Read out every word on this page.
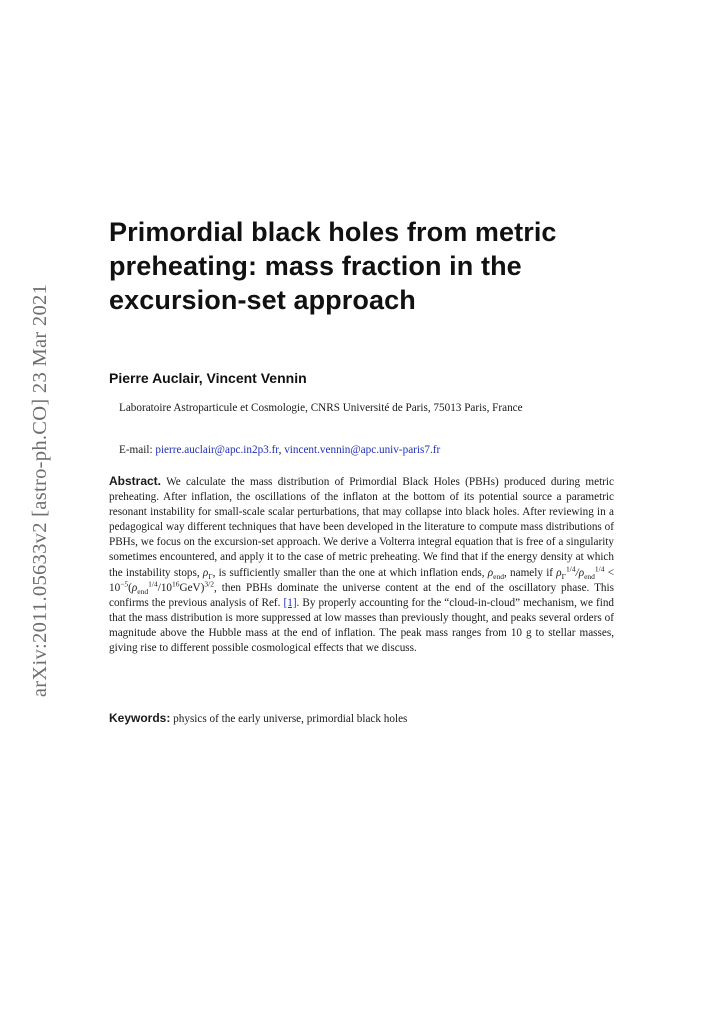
arXiv:2011.05633v2 [astro-ph.CO] 23 Mar 2021
Primordial black holes from metric
preheating: mass fraction in the
excursion-set approach
Pierre Auclair, Vincent Vennin
Laboratoire Astroparticule et Cosmologie, CNRS Université de Paris, 75013 Paris, France
E-mail: pierre.auclair@apc.in2p3.fr, vincent.vennin@apc.univ-paris7.fr

Abstract. We calculate the mass distribution of Primordial Black Holes (PBHs) produced during metric preheating. After inflation, the oscillations of the inflaton at the bottom of its potential source a parametric resonant instability for small-scale scalar perturbations, that may collapse into black holes. After reviewing in a pedagogical way different techniques that have been developed in the literature to compute mass distributions of PBHs, we focus on the excursion-set approach. We derive a Volterra integral equation that is free of a singularity sometimes encountered, and apply it to the case of metric preheating. We find that if the energy density at which the instability stops, $\rho_\Gamma$, is sufficiently smaller than the one at which inflation ends, $\rho_{end}$, namely if $\rho_\Gamma^{1/4}/\rho_{end}^{1/4} < 10^{-5}(\rho_{end}^{1/4}/10^{16}GeV)^{3/2}$, then PBHs dominate the universe content at the end of the oscillatory phase. This confirms the previous analysis of Ref. [1]. By properly accounting for the “cloud-in-cloud” mechanism, we find that the mass distribution is more suppressed at low masses than previously thought, and peaks several orders of magnitude above the Hubble mass at the end of inflation. The peak mass ranges from 10 g to stellar masses, giving rise to different possible cosmological effects that we discuss.

Keywords: physics of the early universe, primordial black holes
